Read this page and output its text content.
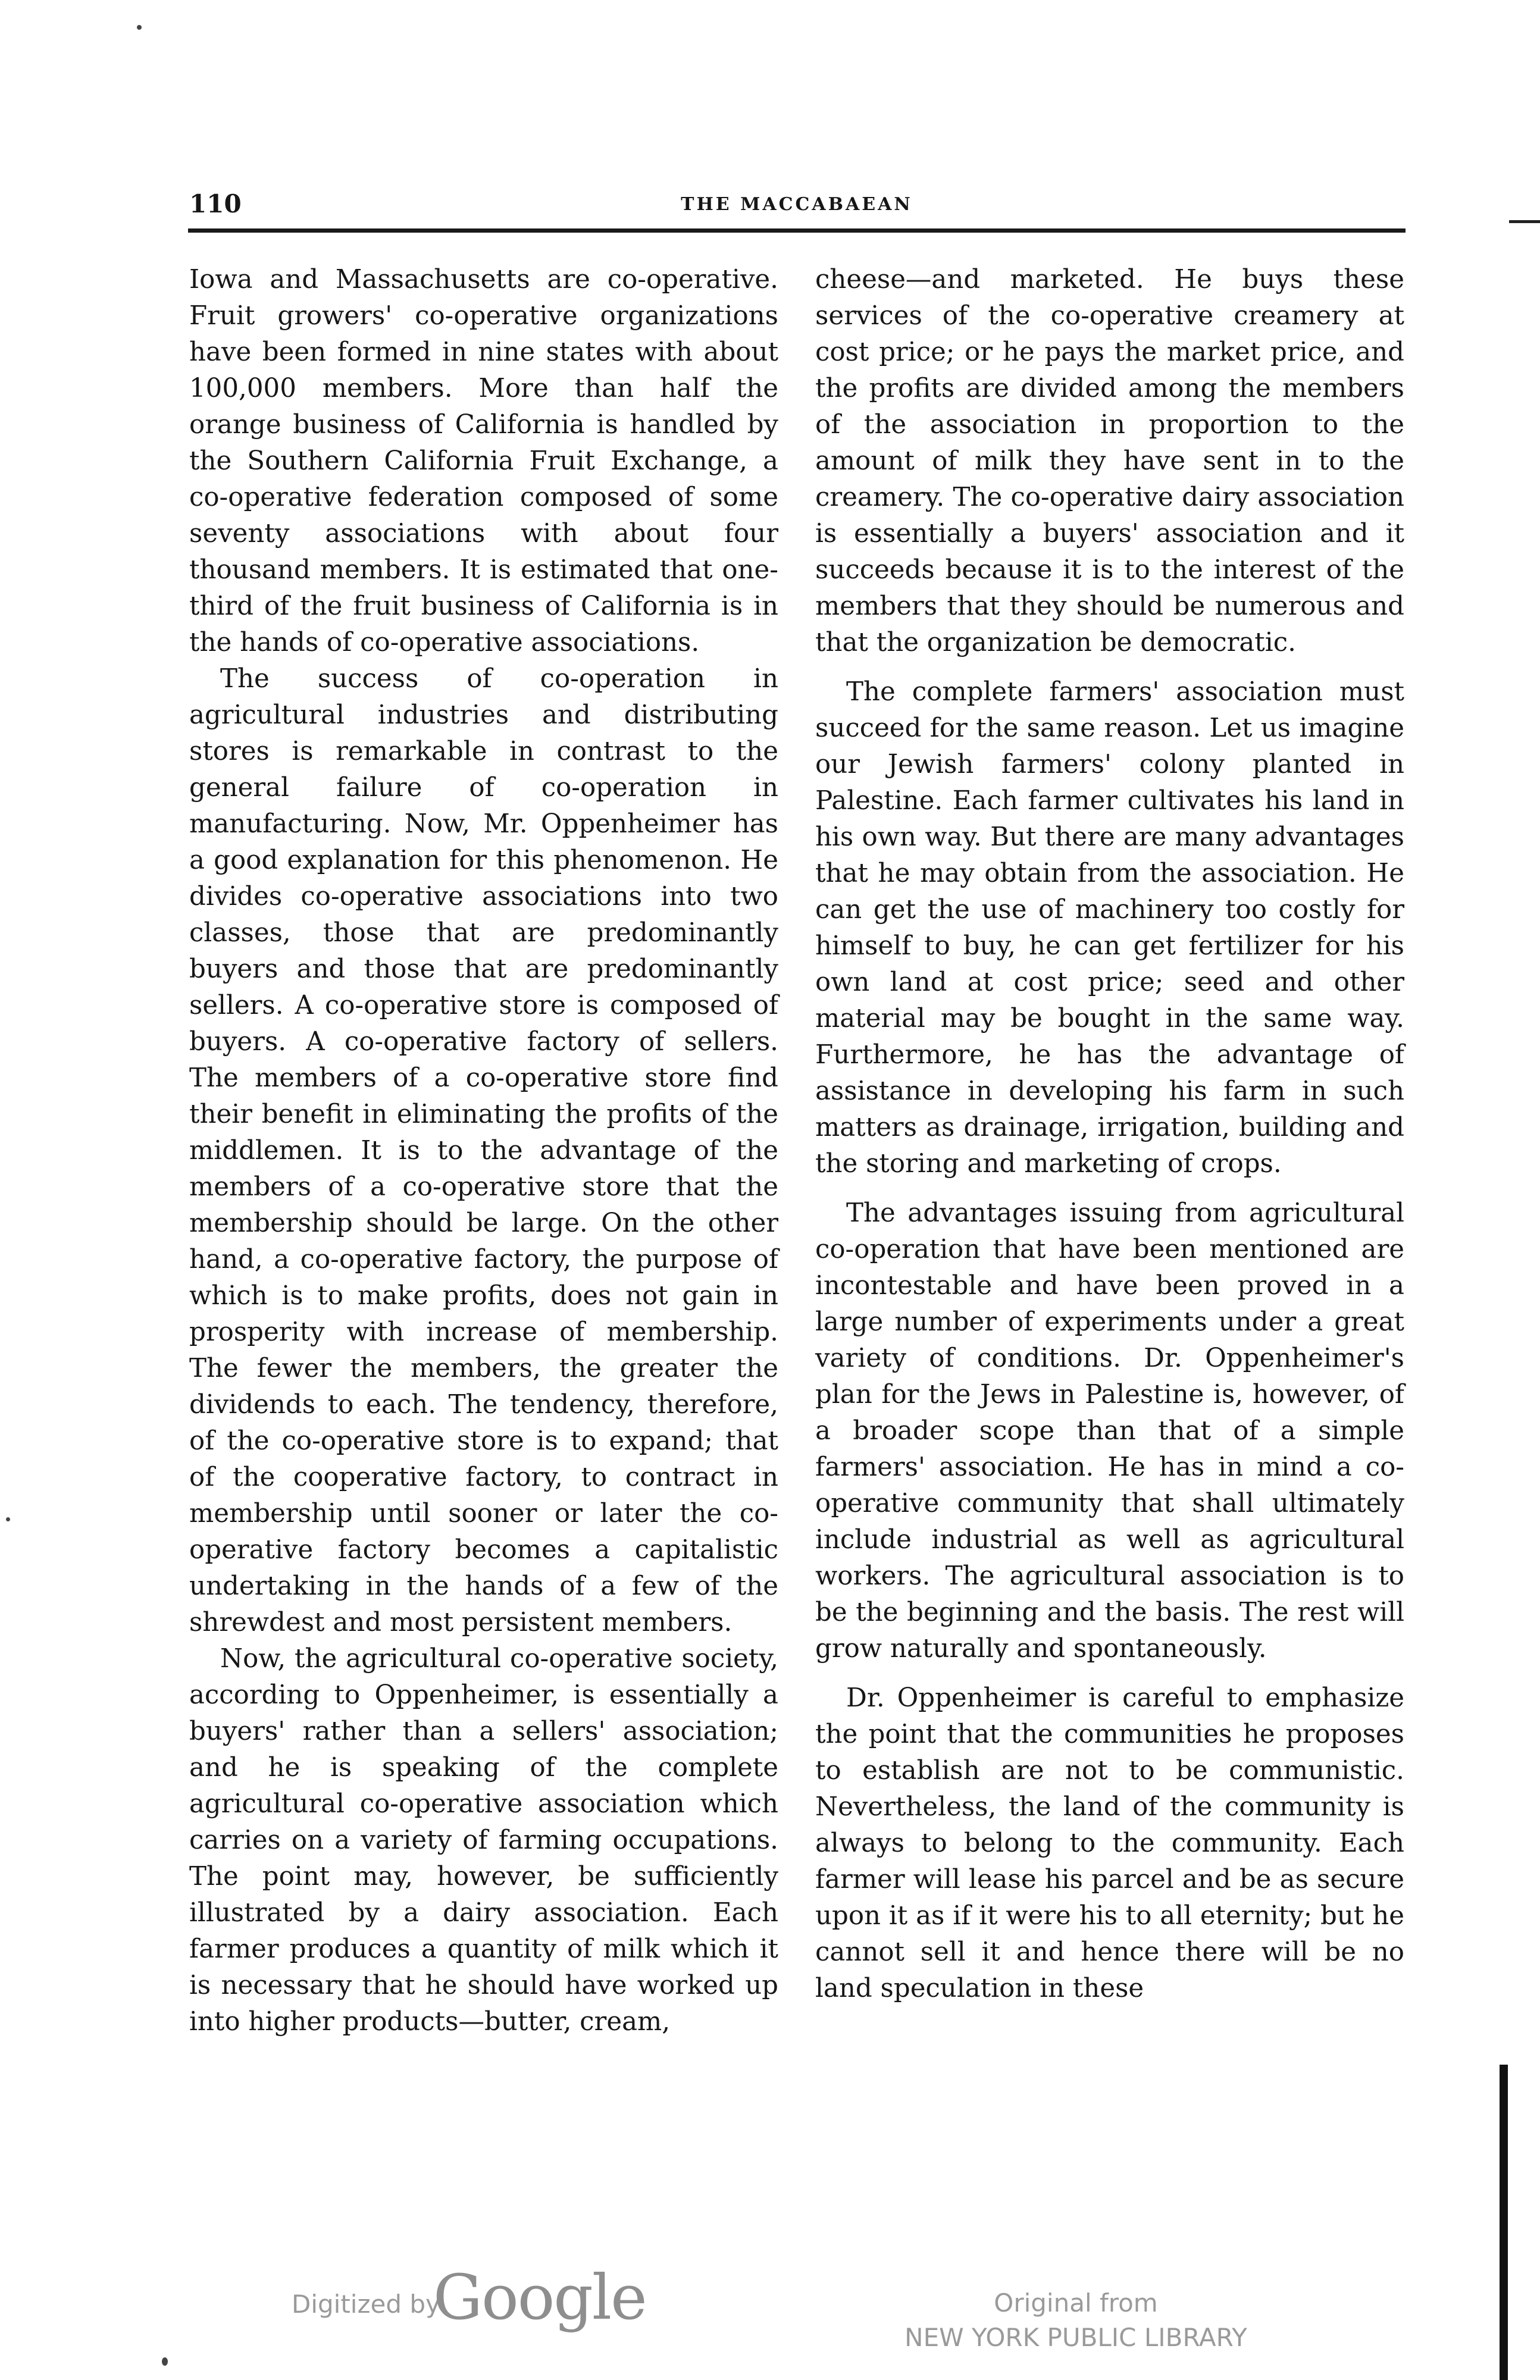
110	THE MACCABAEAN

Iowa and Massachusetts are co-operative. Fruit growers' co-operative organizations have been formed in nine states with about 100,000 members. More than half the orange business of California is handled by the Southern California Fruit Exchange, a co-operative federation composed of some seventy associations with about four thousand members. It is estimated that one-third of the fruit business of California is in the hands of co-operative associations.

The success of co-operation in agricultural industries and distributing stores is remarkable in contrast to the general failure of co-operation in manufacturing. Now, Mr. Oppenheimer has a good explanation for this phenomenon. He divides co-operative associations into two classes, those that are predominantly buyers and those that are predominantly sellers. A co-operative store is composed of buyers. A co-operative factory of sellers. The members of a co-operative store find their benefit in eliminating the profits of the middlemen. It is to the advantage of the members of a co-operative store that the membership should be large. On the other hand, a co-operative factory, the purpose of which is to make profits, does not gain in prosperity with increase of membership. The fewer the members, the greater the dividends to each. The tendency, therefore, of the co-operative store is to expand; that of the cooperative factory, to contract in membership until sooner or later the co-operative factory becomes a capitalistic undertaking in the hands of a few of the shrewdest and most persistent members.

Now, the agricultural co-operative society, according to Oppenheimer, is essentially a buyers' rather than a sellers' association; and he is speaking of the complete agricultural co-operative association which carries on a variety of farming occupations. The point may, however, be sufficiently illustrated by a dairy association. Each farmer produces a quantity of milk which it is necessary that he should have worked up into higher products—butter, cream,

cheese—and marketed. He buys these services of the co-operative creamery at cost price; or he pays the market price, and the profits are divided among the members of the association in proportion to the amount of milk they have sent in to the creamery. The co-operative dairy association is essentially a buyers' association and it succeeds because it is to the interest of the members that they should be numerous and that the organization be democratic.

The complete farmers' association must succeed for the same reason. Let us imagine our Jewish farmers' colony planted in Palestine. Each farmer cultivates his land in his own way. But there are many advantages that he may obtain from the association. He can get the use of machinery too costly for himself to buy, he can get fertilizer for his own land at cost price; seed and other material may be bought in the same way. Furthermore, he has the advantage of assistance in developing his farm in such matters as drainage, irrigation, building and the storing and marketing of crops.

The advantages issuing from agricultural co-operation that have been mentioned are incontestable and have been proved in a large number of experiments under a great variety of conditions. Dr. Oppenheimer's plan for the Jews in Palestine is, however, of a broader scope than that of a simple farmers' association. He has in mind a co-operative community that shall ultimately include industrial as well as agricultural workers. The agricultural association is to be the beginning and the basis. The rest will grow naturally and spontaneously.

Dr. Oppenheimer is careful to emphasize the point that the communities he proposes to establish are not to be communistic. Nevertheless, the land of the community is always to belong to the community. Each farmer will lease his parcel and be as secure upon it as if it were his to all eternity; but he cannot sell it and hence there will be no land speculation in these

Digitized by
Google	Original from
NEW YORK PUBLIC LIBRARY
